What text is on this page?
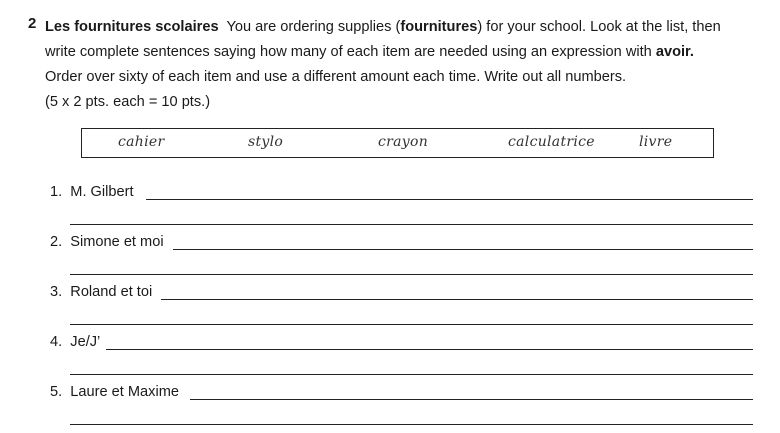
2 Les fournitures scolaires You are ordering supplies (fournitures) for your school. Look at the list, then
write complete sentences saying how many of each item are needed using an expression with avoir.
Order over sixty of each item and use a different amount each time. Write out all numbers.
(5 x 2 pts. each = 10 pts.)
cahier	stylo	crayon	calculatrice	livre
1. M. Gilbert
2. Simone et moi
3. Roland et toi
4. Je/J’
5. Laure et Maxime
